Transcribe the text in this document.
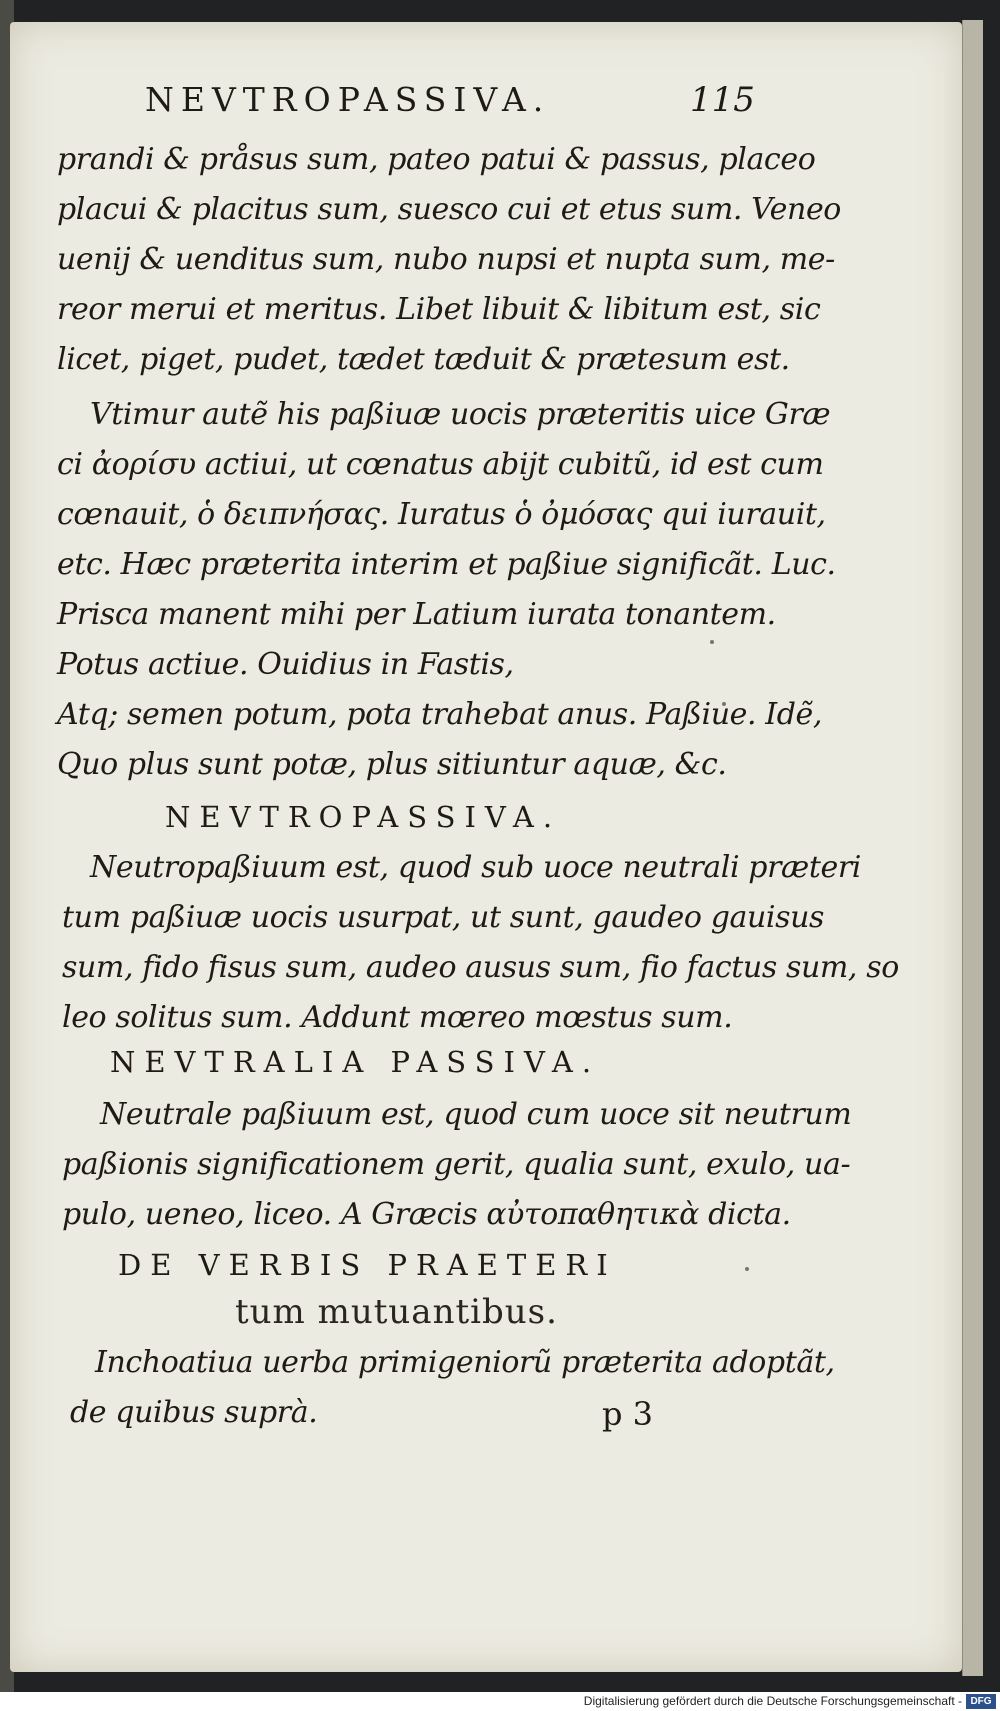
NEVTROPASSIVA.	115
prandi & pråsus sum, pateo patui & passus, placeo
placui & placitus sum, suesco cui et etus sum. Veneo
uenij & uenditus sum, nubo nupsi et nupta sum, me-
reor merui et meritus. Libet libuit & libitum est, sic
licet, piget, pudet, tædet tæduit & prætesum est.
Vtimur autẽ his paßiuæ uocis præteritis uice Græ
ci ἀορίσυ actiui, ut cœnatus abijt cubitũ, id est cum
cœnauit, ὁ δειπνήσας. Iuratus ὁ ὀμόσας qui iurauit,
etc. Hæc præterita interim et paßiue significãt. Luc.
Prisca manent mihi per Latium iurata tonantem.
Potus actiue. Ouidius in Fastis,
Atq; semen potum, pota trahebat anus. Paßiue. Idẽ,
Quo plus sunt potæ, plus sitiuntur aquæ, &c.
NEVTROPASSIVA.
Neutropaßiuum est, quod sub uoce neutrali præteri
tum paßiuæ uocis usurpat, ut sunt, gaudeo gauisus
sum, fido fisus sum, audeo ausus sum, fio factus sum, so
leo solitus sum. Addunt mœreo mœstus sum.
NEVTRALIA PASSIVA.
Neutrale paßiuum est, quod cum uoce sit neutrum
paßionis significationem gerit, qualia sunt, exulo, ua-
pulo, ueneo, liceo. A Græcis αὐτοπαθητικὰ dicta.
DE VERBIS PRAETERI
tum mutuantibus.
Inchoatiua uerba primigeniorũ præterita adoptãt,
de quibus suprà.	p 3
Digitalisierung gefördert durch die Deutsche Forschungsgemeinschaft - DFG
